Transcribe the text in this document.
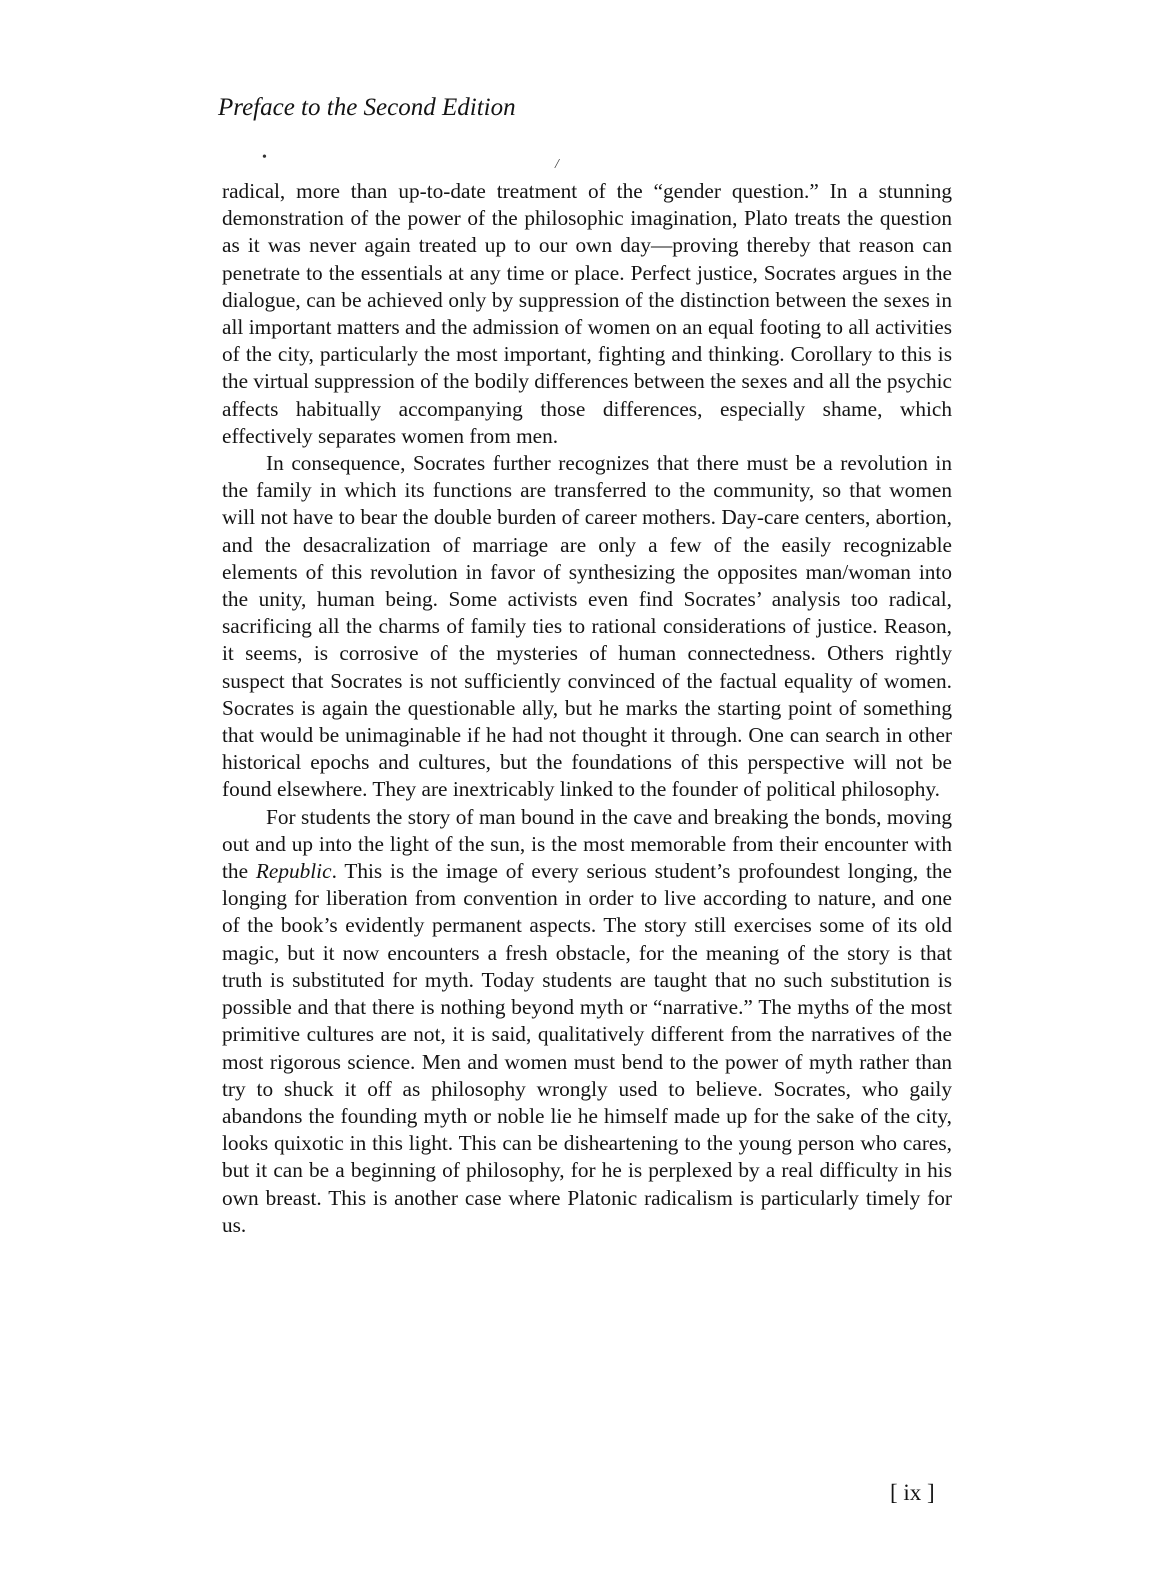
Preface to the Second Edition
•	/

radical, more than up-to-date treatment of the “gender question.” In a stunning demonstration of the power of the philosophic imagination, Plato treats the question as it was never again treated up to our own day—proving thereby that reason can penetrate to the essentials at any time or place. Perfect justice, Socrates argues in the dialogue, can be achieved only by suppression of the distinction between the sexes in all important matters and the admission of women on an equal footing to all activities of the city, particularly the most important, fighting and thinking. Corollary to this is the virtual suppression of the bodily differences between the sexes and all the psychic affects habitually accompanying those differences, especially shame, which effectively separates women from men.

In consequence, Socrates further recognizes that there must be a revolution in the family in which its functions are transferred to the community, so that women will not have to bear the double burden of career mothers. Day-care centers, abortion, and the desacralization of marriage are only a few of the easily recognizable elements of this revolution in favor of synthesizing the opposites man/woman into the unity, human being. Some activists even find Socrates’ analysis too radical, sacrificing all the charms of family ties to rational considerations of justice. Reason, it seems, is corrosive of the mysteries of human connectedness. Others rightly suspect that Socrates is not sufficiently convinced of the factual equality of women. Socrates is again the questionable ally, but he marks the starting point of something that would be unimaginable if he had not thought it through. One can search in other historical epochs and cultures, but the foundations of this perspective will not be found elsewhere. They are inextricably linked to the founder of political philosophy.

For students the story of man bound in the cave and breaking the bonds, moving out and up into the light of the sun, is the most memorable from their encounter with the Republic. This is the image of every serious student’s profoundest longing, the longing for liberation from convention in order to live according to nature, and one of the book’s evidently permanent aspects. The story still exercises some of its old magic, but it now encounters a fresh obstacle, for the meaning of the story is that truth is substituted for myth. Today students are taught that no such substitution is possible and that there is nothing beyond myth or “narrative.” The myths of the most primitive cultures are not, it is said, qualitatively different from the narratives of the most rigorous science. Men and women must bend to the power of myth rather than try to shuck it off as philosophy wrongly used to believe. Socrates, who gaily abandons the founding myth or noble lie he himself made up for the sake of the city, looks quixotic in this light. This can be disheartening to the young person who cares, but it can be a beginning of philosophy, for he is perplexed by a real difficulty in his own breast. This is another case where Platonic radicalism is particularly timely for us.

[ ix ]
